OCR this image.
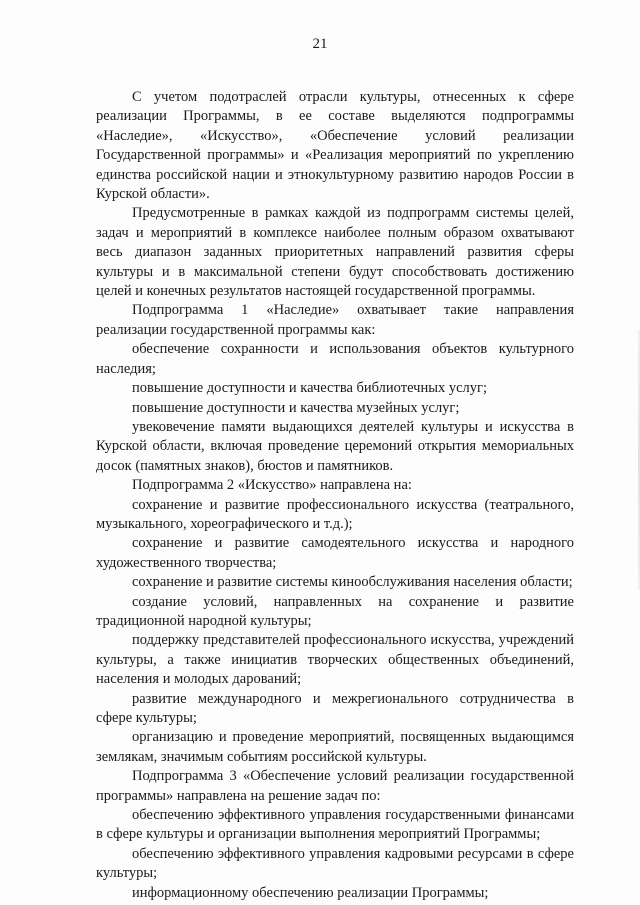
21

С учетом подотраслей отрасли культуры, отнесенных к сфере реализации Программы, в ее составе выделяются подпрограммы «Наследие», «Искусство», «Обеспечение условий реализации Государственной программы» и «Реализация мероприятий по укреплению единства российской нации и этнокультурному развитию народов России в Курской области».

Предусмотренные в рамках каждой из подпрограмм системы целей, задач и мероприятий в комплексе наиболее полным образом охватывают весь диапазон заданных приоритетных направлений развития сферы культуры и в максимальной степени будут способствовать достижению целей и конечных результатов настоящей государственной программы.

Подпрограмма 1 «Наследие» охватывает такие направления реализации государственной программы как:

обеспечение сохранности и использования объектов культурного наследия;

повышение доступности и качества библиотечных услуг;

повышение доступности и качества музейных услуг;

увековечение памяти выдающихся деятелей культуры и искусства в Курской области, включая проведение церемоний открытия мемориальных досок (памятных знаков), бюстов и памятников.

Подпрограмма 2 «Искусство» направлена на:

сохранение и развитие профессионального искусства (театрального, музыкального, хореографического и т.д.);

сохранение и развитие самодеятельного искусства и народного художественного творчества;

сохранение и развитие системы кинообслуживания населения области;

создание условий, направленных на сохранение и развитие традиционной народной культуры;

поддержку представителей профессионального искусства, учреждений культуры, а также инициатив творческих общественных объединений, населения и молодых дарований;

развитие международного и межрегионального сотрудничества в сфере культуры;

организацию и проведение мероприятий, посвященных выдающимся землякам, значимым событиям российской культуры.

Подпрограмма 3 «Обеспечение условий реализации государственной программы» направлена на решение задач по:

обеспечению эффективного управления государственными финансами в сфере культуры и организации выполнения мероприятий Программы;

обеспечению эффективного управления кадровыми ресурсами в сфере культуры;

информационному обеспечению реализации Программы;
